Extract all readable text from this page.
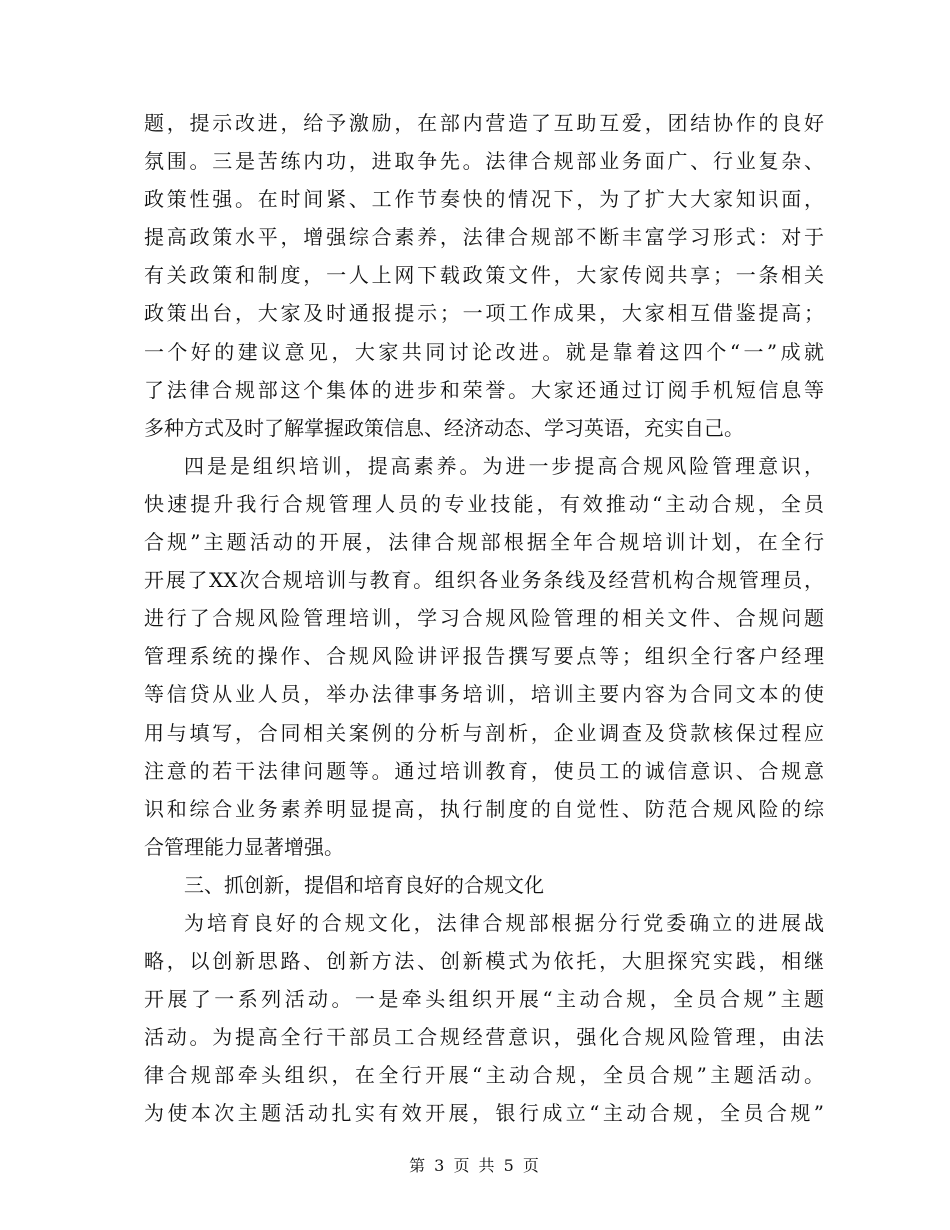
题，提示改进，给予激励，在部内营造了互助互爱，团结协作的良好
氛围。三是苦练内功，进取争先。法律合规部业务面广、行业复杂、
政策性强。在时间紧、工作节奏快的情况下，为了扩大大家知识面，
提高政策水平，增强综合素养，法律合规部不断丰富学习形式：对于
有关政策和制度，一人上网下载政策文件，大家传阅共享；一条相关
政策出台，大家及时通报提示；一项工作成果，大家相互借鉴提高；
一个好的建议意见，大家共同讨论改进。就是靠着这四个“一”成就
了法律合规部这个集体的进步和荣誉。大家还通过订阅手机短信息等
多种方式及时了解掌握政策信息、经济动态、学习英语，充实自己。
四是是组织培训，提高素养。为进一步提高合规风险管理意识，
快速提升我行合规管理人员的专业技能，有效推动“主动合规，全员
合规”主题活动的开展，法律合规部根据全年合规培训计划，在全行
开展了XX次合规培训与教育。组织各业务条线及经营机构合规管理员，
进行了合规风险管理培训，学习合规风险管理的相关文件、合规问题
管理系统的操作、合规风险讲评报告撰写要点等；组织全行客户经理
等信贷从业人员，举办法律事务培训，培训主要内容为合同文本的使
用与填写，合同相关案例的分析与剖析，企业调查及贷款核保过程应
注意的若干法律问题等。通过培训教育，使员工的诚信意识、合规意
识和综合业务素养明显提高，执行制度的自觉性、防范合规风险的综
合管理能力显著增强。
三、抓创新，提倡和培育良好的合规文化
为培育良好的合规文化，法律合规部根据分行党委确立的进展战
略，以创新思路、创新方法、创新模式为依托，大胆探究实践，相继
开展了一系列活动。一是牵头组织开展“主动合规，全员合规”主题
活动。为提高全行干部员工合规经营意识，强化合规风险管理，由法
律合规部牵头组织，在全行开展“主动合规，全员合规”主题活动。
为使本次主题活动扎实有效开展，银行成立“主动合规，全员合规”
第 3 页 共 5 页
